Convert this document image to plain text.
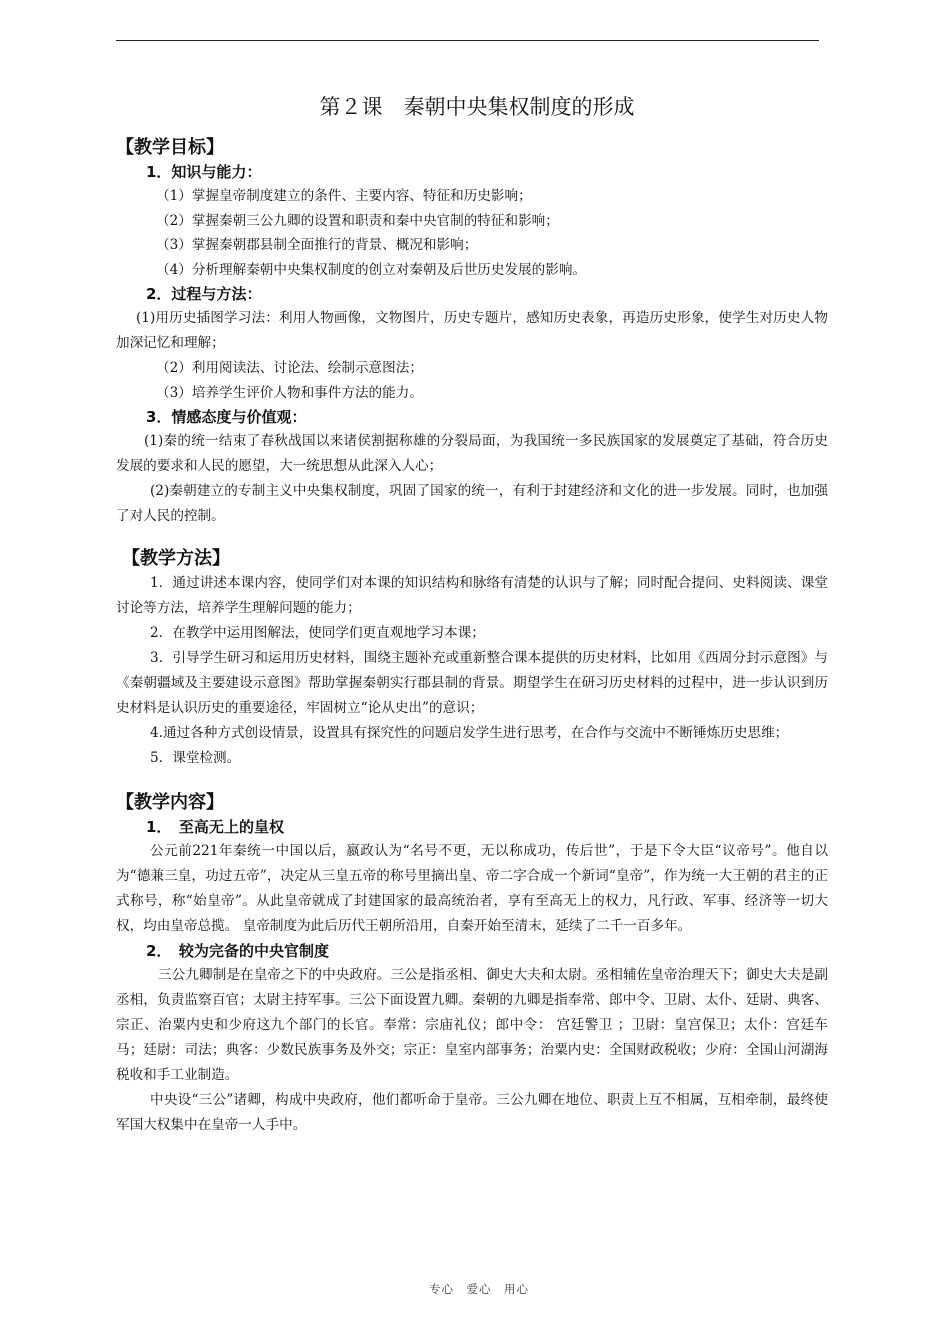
第２课　秦朝中央集权制度的形成
【教学目标】
1．知识与能力：
（1）掌握皇帝制度建立的条件、主要内容、特征和历史影响；
（2）掌握秦朝三公九卿的设置和职责和秦中央官制的特征和影响；
（3）掌握秦朝郡县制全面推行的背景、概况和影响；
（4）分析理解秦朝中央集权制度的创立对秦朝及后世历史发展的影响。
2．过程与方法：
(1)用历史插图学习法：利用人物画像，文物图片，历史专题片，感知历史表象，再造历史形象，使学生对历史人物加深记忆和理解；
（2）利用阅读法、讨论法、绘制示意图法；
（3）培养学生评价人物和事件方法的能力。
3．情感态度与价值观：
(1)秦的统一结束了春秋战国以来诸侯割据称雄的分裂局面，为我国统一多民族国家的发展奠定了基础，符合历史发展的要求和人民的愿望，大一统思想从此深入人心；
(2)秦朝建立的专制主义中央集权制度，巩固了国家的统一，有利于封建经济和文化的进一步发展。同时，也加强了对人民的控制。
【教学方法】
1．通过讲述本课内容，使同学们对本课的知识结构和脉络有清楚的认识与了解；同时配合提问、史料阅读、课堂讨论等方法，培养学生理解问题的能力；
2．在教学中运用图解法，使同学们更直观地学习本课；
3．引导学生研习和运用历史材料，围绕主题补充或重新整合课本提供的历史材料，比如用《西周分封示意图》与《秦朝疆域及主要建设示意图》帮助掌握秦朝实行郡县制的背景。期望学生在研习历史材料的过程中，进一步认识到历史材料是认识历史的重要途径，牢固树立“论从史出”的意识；
4.通过各种方式创设情景，设置具有探究性的问题启发学生进行思考，在合作与交流中不断锤炼历史思维；
5．课堂检测。
【教学内容】
1．　至高无上的皇权
公元前221年秦统一中国以后，嬴政认为“名号不更，无以称成功，传后世”，于是下令大臣“议帝号”。他自以为“德兼三皇，功过五帝”，决定从三皇五帝的称号里摘出皇、帝二字合成一个新词“皇帝”，作为统一大王朝的君主的正式称号，称“始皇帝”。从此皇帝就成了封建国家的最高统治者，享有至高无上的权力，凡行政、军事、经济等一切大权，均由皇帝总揽。 皇帝制度为此后历代王朝所沿用，自秦开始至清末，延续了二千一百多年。
2．　较为完备的中央官制度
三公九卿制是在皇帝之下的中央政府。三公是指丞相、御史大夫和太尉。丞相辅佐皇帝治理天下；御史大夫是副丞相，负责监察百官；太尉主持军事。三公下面设置九卿。秦朝的九卿是指奉常、郎中令、卫尉、太仆、廷尉、典客、宗正、治粟内史和少府这九个部门的长官。奉常：宗庙礼仪；郎中令： 宫廷警卫 ；卫尉：皇宫保卫；太仆：宫廷车马；廷尉：司法；典客：少数民族事务及外交；宗正：皇室内部事务；治粟内史：全国财政税收；少府：全国山河湖海税收和手工业制造。
中央设“三公”诸卿，构成中央政府，他们都听命于皇帝。三公九卿在地位、职责上互不相属，互相牵制，最终使军国大权集中在皇帝一人手中。
专心　爱心　用心
